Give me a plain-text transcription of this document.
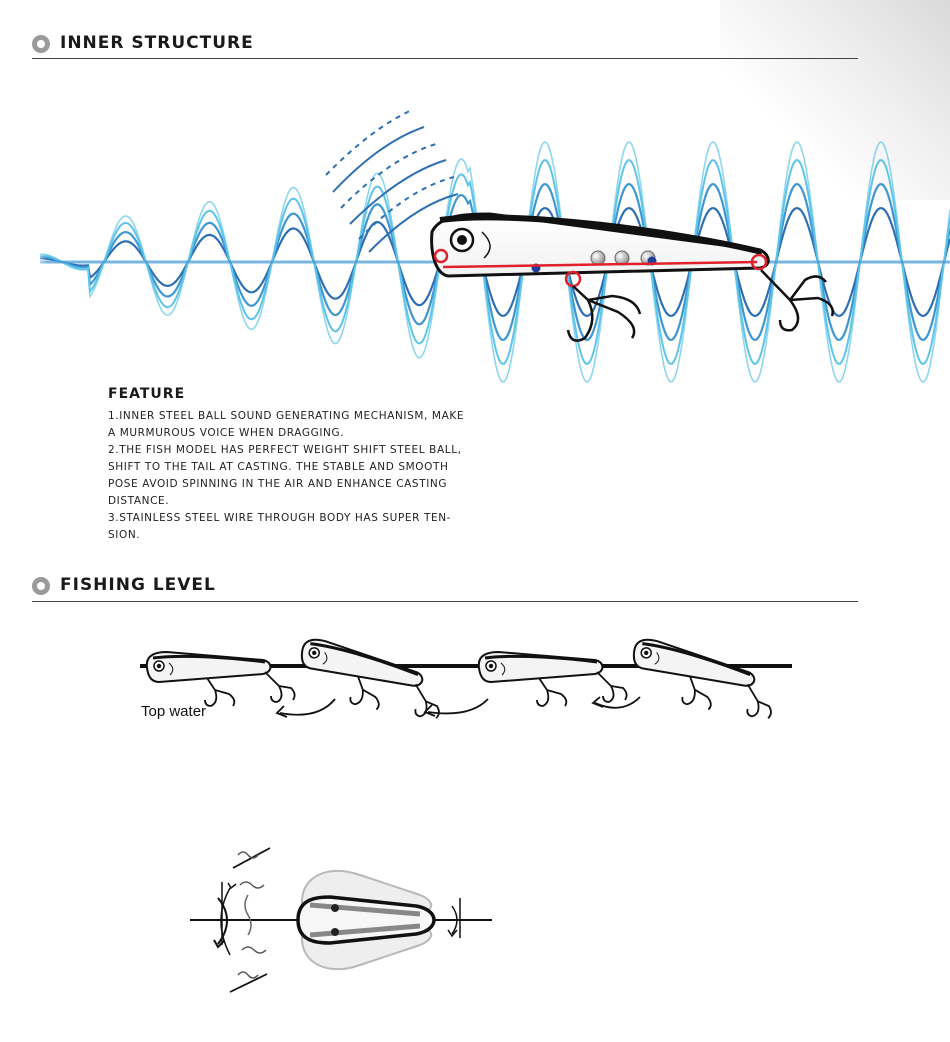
INNER STRUCTURE
FEATURE
1.INNER STEEL BALL SOUND GENERATING MECHANISM, MAKE
A MURMUROUS VOICE WHEN DRAGGING.
2.THE FISH MODEL HAS PERFECT WEIGHT SHIFT STEEL BALL,
SHIFT TO THE TAIL AT CASTING. THE STABLE AND SMOOTH
POSE AVOID SPINNING IN THE AIR AND ENHANCE CASTING
DISTANCE.
3.STAINLESS STEEL WIRE THROUGH BODY HAS SUPER TEN-
SION.
FISHING LEVEL
Top water
